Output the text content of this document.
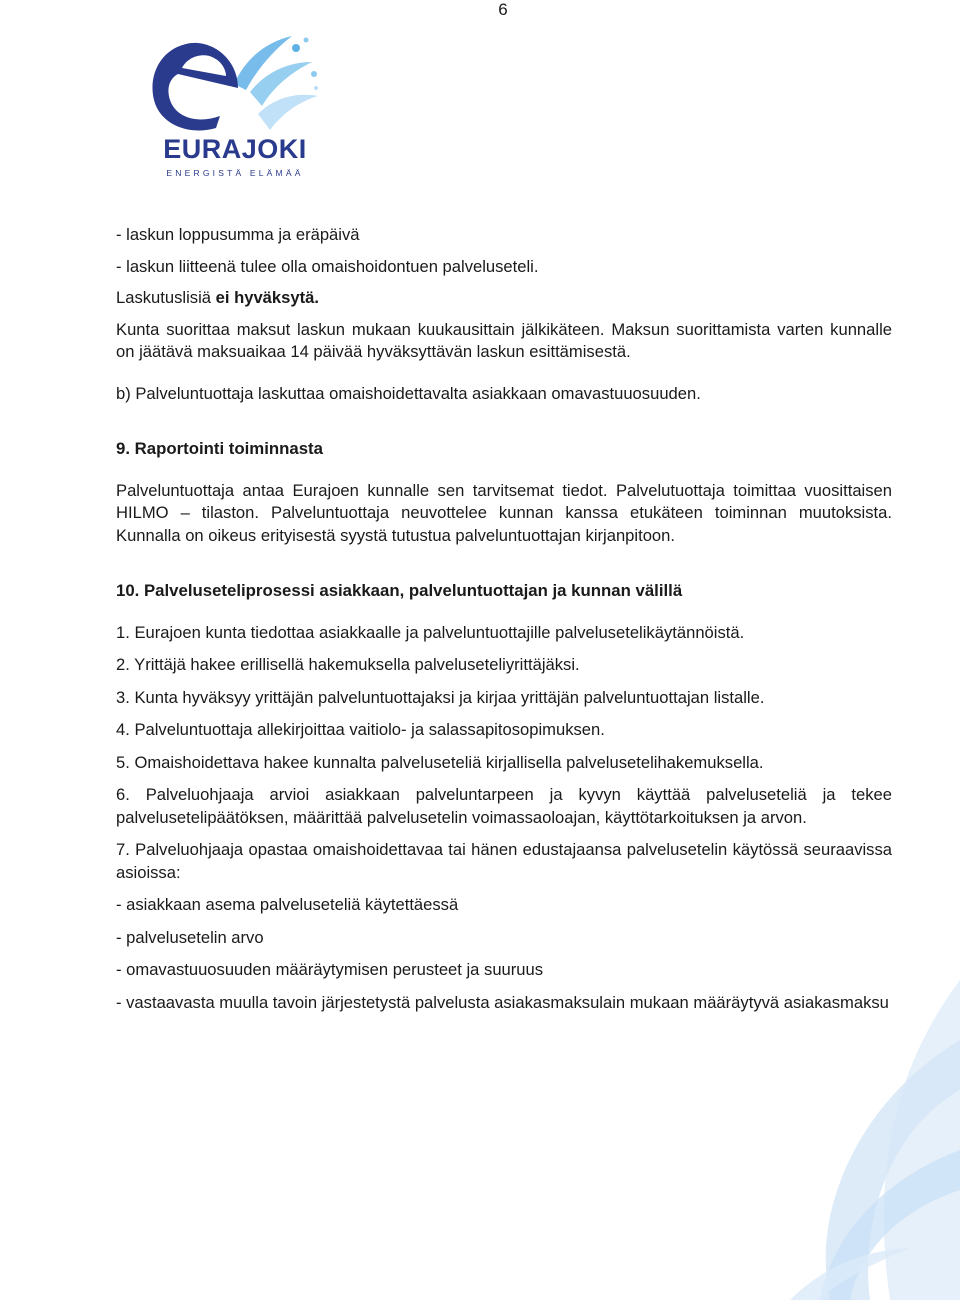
6
EURAJOKI
ENERGISTÄ ELÄMÄÄ

- laskun loppusumma ja eräpäivä

- laskun liitteenä tulee olla omaishoidontuen palveluseteli.

Laskutuslisiä ei hyväksytä.

Kunta suorittaa maksut laskun mukaan kuukausittain jälkikäteen. Maksun suorittamista varten kunnalle on jäätävä maksuaikaa 14 päivää hyväksyttävän laskun esittämisestä.

b) Palveluntuottaja laskuttaa omaishoidettavalta asiakkaan omavastuuosuuden.

9. Raportointi toiminnasta

Palveluntuottaja antaa Eurajoen kunnalle sen tarvitsemat tiedot. Palvelutuottaja toimittaa vuosittaisen HILMO – tilaston. Palveluntuottaja neuvottelee kunnan kanssa etukäteen toiminnan muutoksista. Kunnalla on oikeus erityisestä syystä tutustua palveluntuottajan kirjanpitoon.

10. Palveluseteliprosessi asiakkaan, palveluntuottajan ja kunnan välillä

1. Eurajoen kunta tiedottaa asiakkaalle ja palveluntuottajille palvelusetelikäytännöistä.

2. Yrittäjä hakee erillisellä hakemuksella palveluseteliyrittäjäksi.

3. Kunta hyväksyy yrittäjän palveluntuottajaksi ja kirjaa yrittäjän palveluntuottajan listalle.

4. Palveluntuottaja allekirjoittaa vaitiolo- ja salassapitosopimuksen.

5. Omaishoidettava hakee kunnalta palveluseteliä kirjallisella palvelusetelihakemuksella.

6. Palveluohjaaja arvioi asiakkaan palveluntarpeen ja kyvyn käyttää palveluseteliä ja tekee palvelusetelipäätöksen, määrittää palvelusetelin voimassaoloajan, käyttötarkoituksen ja arvon.

7. Palveluohjaaja opastaa omaishoidettavaa tai hänen edustajaansa palvelusetelin käytössä seuraavissa asioissa:

- asiakkaan asema palveluseteliä käytettäessä

- palvelusetelin arvo

- omavastuuosuuden määräytymisen perusteet ja suuruus

- vastaavasta muulla tavoin järjestetystä palvelusta asiakasmaksulain mukaan määräytyvä asiakasmaksu
